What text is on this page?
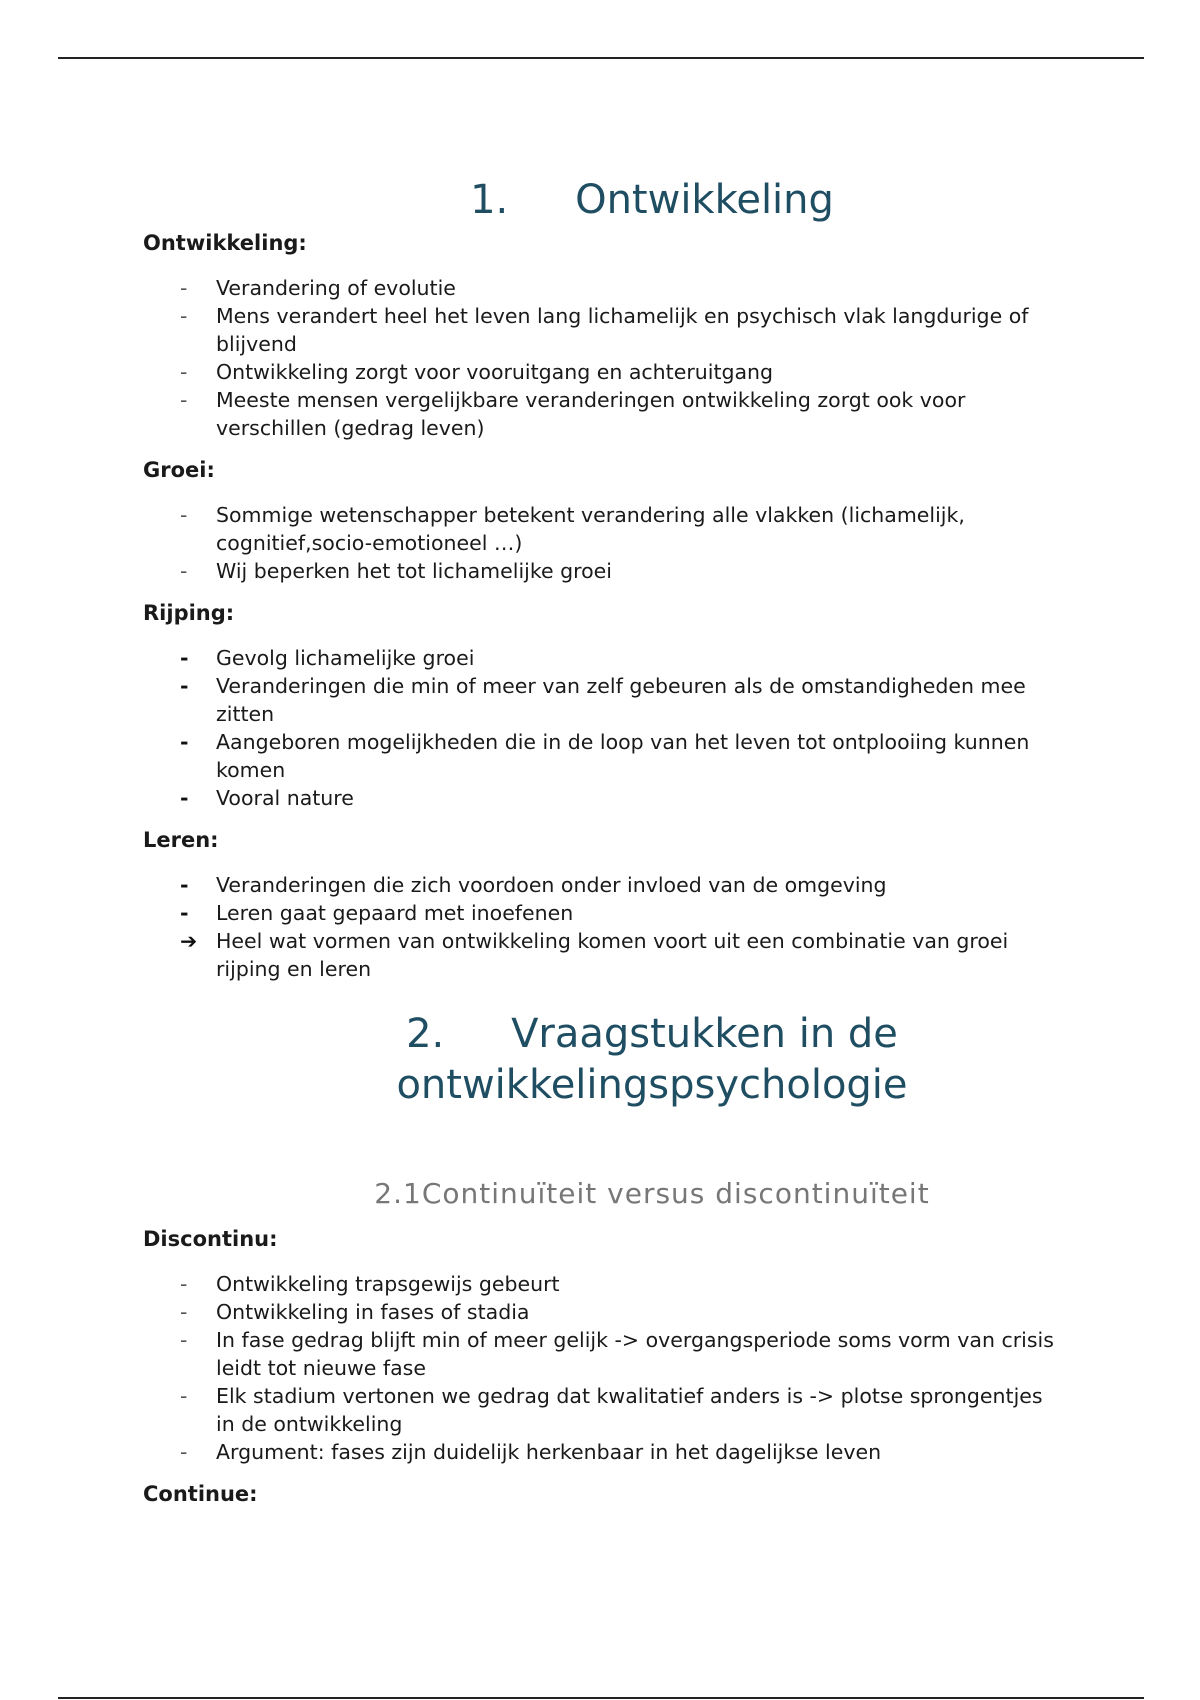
1. Ontwikkeling
Ontwikkeling:
-	Verandering of evolutie
-	Mens verandert heel het leven lang lichamelijk en psychisch vlak langdurige of blijvend
-	Ontwikkeling zorgt voor vooruitgang en achteruitgang
-	Meeste mensen vergelijkbare veranderingen ontwikkeling zorgt ook voor verschillen (gedrag leven)
Groei:
-	Sommige wetenschapper betekent verandering alle vlakken (lichamelijk, cognitief,socio-emotioneel …)
-	Wij beperken het tot lichamelijke groei
Rijping:
-	Gevolg lichamelijke groei
-	Veranderingen die min of meer van zelf gebeuren als de omstandigheden mee zitten
-	Aangeboren mogelijkheden die in de loop van het leven tot ontplooiing kunnen komen
-	Vooral nature
Leren:
-	Veranderingen die zich voordoen onder invloed van de omgeving
-	Leren gaat gepaard met inoefenen
➔ Heel wat vormen van ontwikkeling komen voort uit een combinatie van groei rijping en leren
2. Vraagstukken in de
ontwikkelingspsychologie
2.1Continuïteit versus discontinuïteit
Discontinu:
-	Ontwikkeling trapsgewijs gebeurt
-	Ontwikkeling in fases of stadia
-	In fase gedrag blijft min of meer gelijk -> overgangsperiode soms vorm van crisis leidt tot nieuwe fase
-	Elk stadium vertonen we gedrag dat kwalitatief anders is -> plotse sprongentjes in de ontwikkeling
-	Argument: fases zijn duidelijk herkenbaar in het dagelijkse leven
Continue:
